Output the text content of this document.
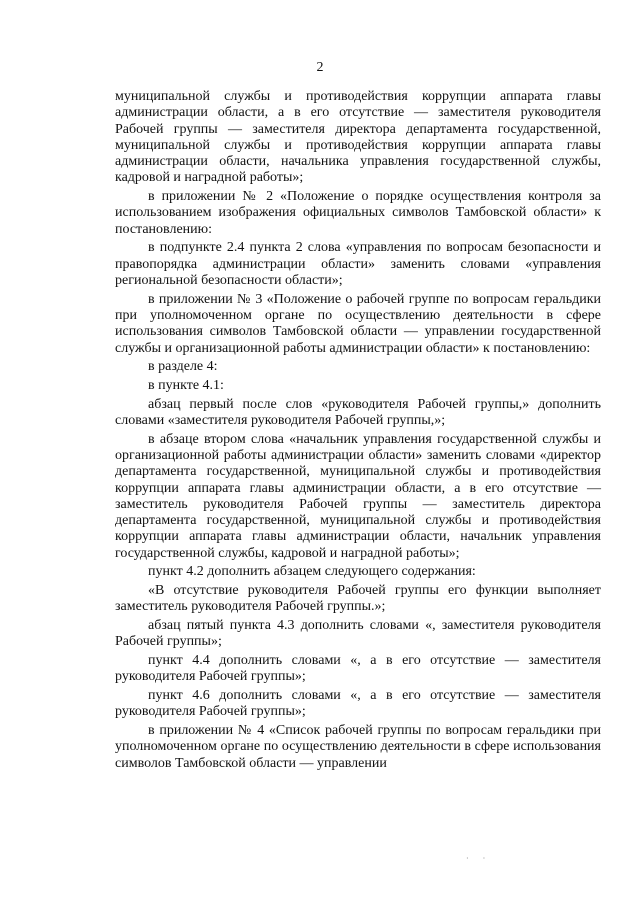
2

муниципальной службы и противодействия коррупции аппарата главы администрации области, а в его отсутствие — заместителя руководителя Рабочей группы — заместителя директора департамента государственной, муниципальной службы и противодействия коррупции аппарата главы администрации области, начальника управления государственной службы, кадровой и наградной работы»;

в приложении № 2 «Положение о порядке осуществления контроля за использованием изображения официальных символов Тамбовской области» к постановлению:

в подпункте 2.4 пункта 2 слова «управления по вопросам безопасности и правопорядка администрации области» заменить словами «управления региональной безопасности области»;

в приложении № 3 «Положение о рабочей группе по вопросам геральдики при уполномоченном органе по осуществлению деятельности в сфере использования символов Тамбовской области — управлении государственной службы и организационной работы администрации области» к постановлению:

в разделе 4:

в пункте 4.1:

абзац первый после слов «руководителя Рабочей группы,» дополнить словами «заместителя руководителя Рабочей группы,»;

в абзаце втором слова «начальник управления государственной службы и организационной работы администрации области» заменить словами «директор департамента государственной, муниципальной службы и противодействия коррупции аппарата главы администрации области, а в его отсутствие — заместитель руководителя Рабочей группы — заместитель директора департамента государственной, муниципальной службы и противодействия коррупции аппарата главы администрации области, начальник управления государственной службы, кадровой и наградной работы»;

пункт 4.2 дополнить абзацем следующего содержания:

«В отсутствие руководителя Рабочей группы его функции выполняет заместитель руководителя Рабочей группы.»;

абзац пятый пункта 4.3 дополнить словами «, заместителя руководителя Рабочей группы»;

пункт 4.4 дополнить словами «, а в его отсутствие — заместителя руководителя Рабочей группы»;

пункт 4.6 дополнить словами «, а в его отсутствие — заместителя руководителя Рабочей группы»;

в приложении № 4 «Список рабочей группы по вопросам геральдики при уполномоченном органе по осуществлению деятельности в сфере использования символов Тамбовской области — управлении

· ·
